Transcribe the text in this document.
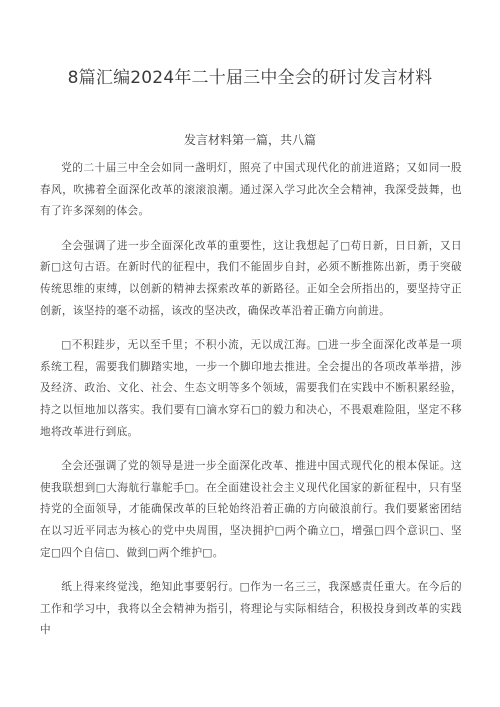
8篇汇编2024年二十届三中全会的研讨发言材料
发言材料第一篇，共八篇

党的二十届三中全会如同一盏明灯，照亮了中国式现代化的前进道路；又如同一股春风，吹拂着全面深化改革的滚滚浪潮。通过深入学习此次全会精神，我深受鼓舞，也有了许多深刻的体会。

全会强调了进一步全面深化改革的重要性，这让我想起了□苟日新，日日新，又日新□这句古语。在新时代的征程中，我们不能固步自封，必须不断推陈出新，勇于突破传统思维的束缚，以创新的精神去探索改革的新路径。正如全会所指出的，要坚持守正创新，该坚持的毫不动摇，该改的坚决改，确保改革沿着正确方向前进。

□不积跬步，无以至千里；不积小流，无以成江海。□进一步全面深化改革是一项系统工程，需要我们脚踏实地，一步一个脚印地去推进。全会提出的各项改革举措，涉及经济、政治、文化、社会、生态文明等多个领域，需要我们在实践中不断积累经验，持之以恒地加以落实。我们要有□滴水穿石□的毅力和决心，不畏艰难险阻，坚定不移地将改革进行到底。

全会还强调了党的领导是进一步全面深化改革、推进中国式现代化的根本保证。这使我联想到□大海航行靠舵手□。在全面建设社会主义现代化国家的新征程中，只有坚持党的全面领导，才能确保改革的巨轮始终沿着正确的方向破浪前行。我们要紧密团结在以习近平同志为核心的党中央周围，坚决拥护□两个确立□，增强□四个意识□、坚定□四个自信□、做到□两个维护□。

纸上得来终觉浅，绝知此事要躬行。□作为一名三三，我深感责任重大。在今后的工作和学习中，我将以全会精神为指引，将理论与实际相结合，积极投身到改革的实践中
